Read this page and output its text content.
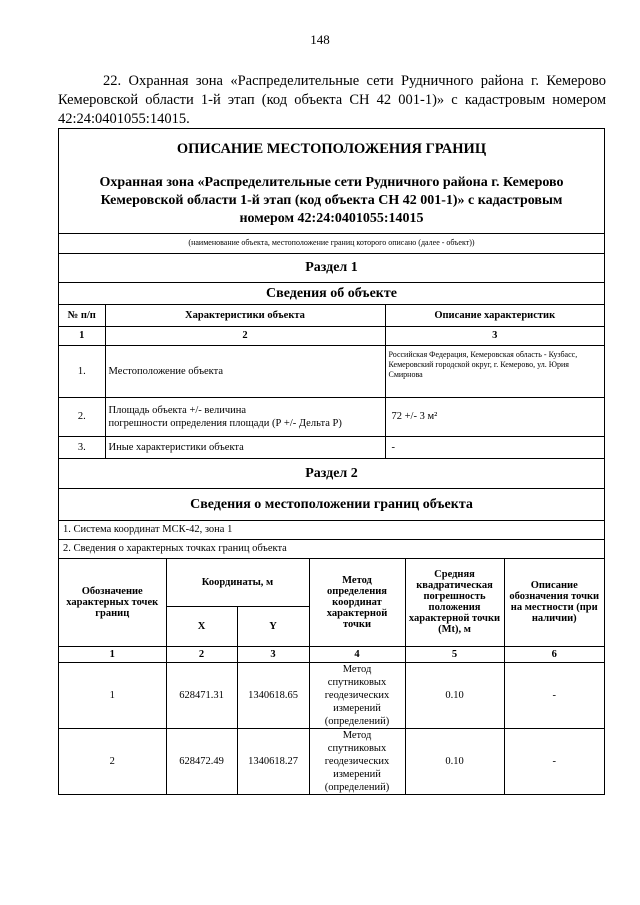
148
22. Охранная зона «Распределительные сети Рудничного района г. Кемерово Кемеровской области 1-й этап (код объекта СН 42 001-1)» с кадастровым номером 42:24:0401055:14015.
ОПИСАНИЕ МЕСТОПОЛОЖЕНИЯ ГРАНИЦ
Охранная зона «Распределительные сети Рудничного района г. Кемерово Кемеровской области 1-й этап (код объекта СН 42 001-1)» с кадастровым номером 42:24:0401055:14015
(наименование объекта, местоположение границ которого описано (далее - объект))
Раздел 1
Сведения об объекте
№ п/п	Характеристики объекта	Описание характеристик
1	2	3
1.	Местоположение объекта	Российская Федерация, Кемеровская область - Кузбасс, Кемеровский городской округ, г. Кемерово, ул. Юрия Смирнова
2.	Площадь объекта +/- величина
погрешности определения площади (Р +/- Дельта Р)	72 +/- 3 м²
3.	Иные характеристики объекта	-
Раздел 2
Сведения о местоположении границ объекта
1. Система координат МСК-42, зона 1
2. Сведения о характерных точках границ объекта
Обозначение характерных точек границ	Координаты, м		Метод определения координат характерной точки	Средняя квадратическая погрешность положения характерной точки (Mt), м	Описание обозначения точки на местности (при наличии)
	X	Y			
1	2	3	4	5	6
1	628471.31	1340618.65	Метод спутниковых геодезических измерений (определений)	0.10	-
2	628472.49	1340618.27	Метод спутниковых геодезических измерений (определений)	0.10	-
